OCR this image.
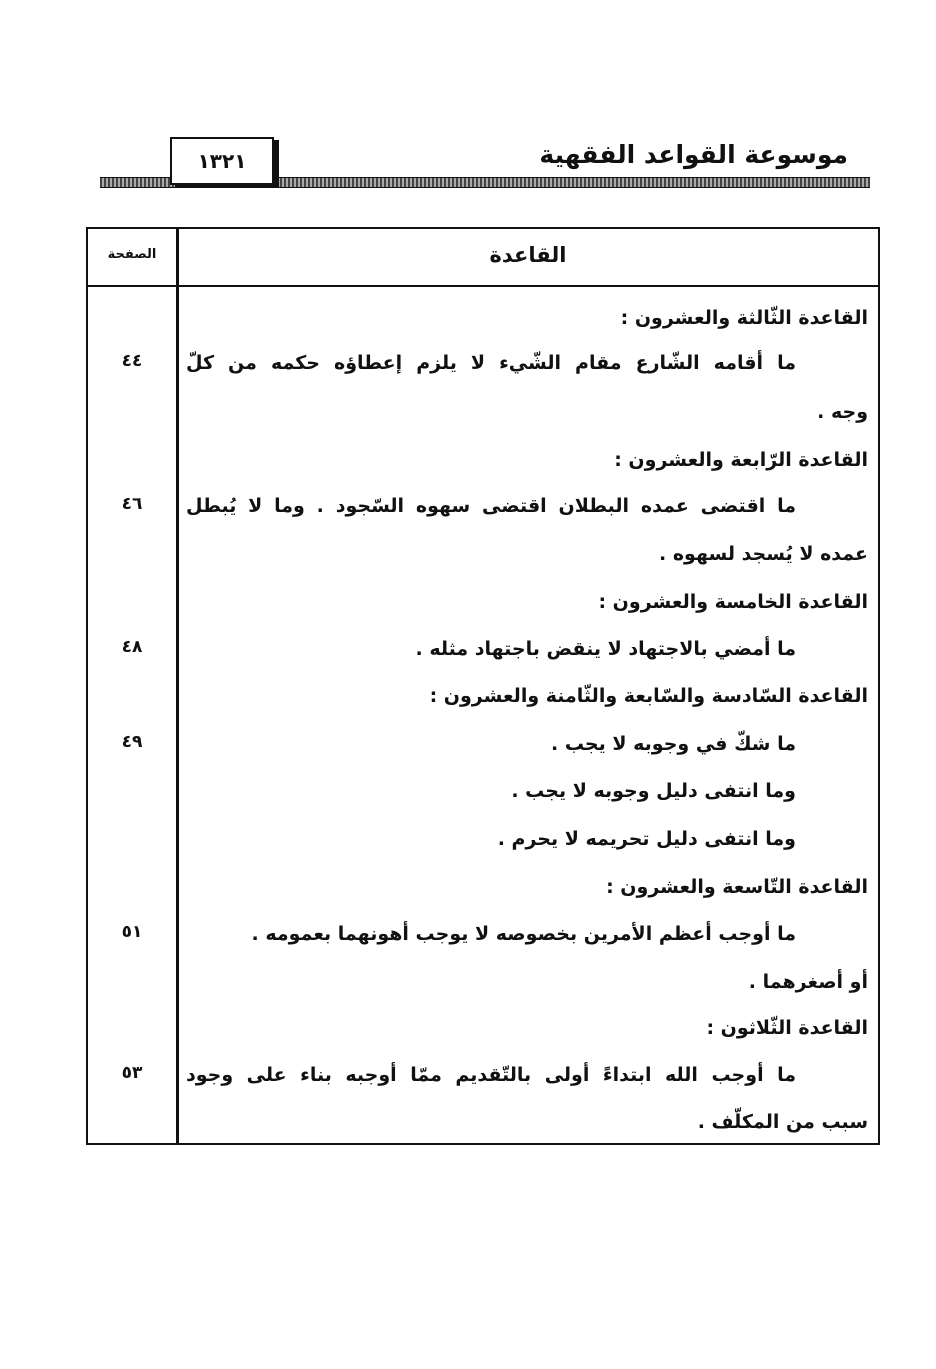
موسوعة القواعد الفقهية
١٣٢١
القاعدة
الصفحة
القاعدة الثّالثة والعشرون :
ما أقامه الشّارع مقام الشّيء لا يلزم إعطاؤه حكمه من كلّ
٤٤
وجه .
القاعدة الرّابعة والعشرون :
ما اقتضى عمده البطلان اقتضى سهوه السّجود . وما لا يُبطل
٤٦
عمده لا يُسجد لسهوه .
القاعدة الخامسة والعشرون :
ما أمضي بالاجتهاد لا ينقض باجتهاد مثله .
٤٨
القاعدة السّادسة والسّابعة والثّامنة والعشرون :
ما شكّ في وجوبه لا يجب .
٤٩
وما انتفى دليل وجوبه لا يجب .
وما انتفى دليل تحريمه لا يحرم .
القاعدة التّاسعة والعشرون :
ما أوجب أعظم الأمرين بخصوصه لا يوجب أهونهما بعمومه .
٥١
أو أصغرهما .
القاعدة الثّلاثون :
ما أوجب الله ابتداءً أولى بالتّقديم ممّا أوجبه بناء على وجود
٥٣
سبب من المكلّف .
